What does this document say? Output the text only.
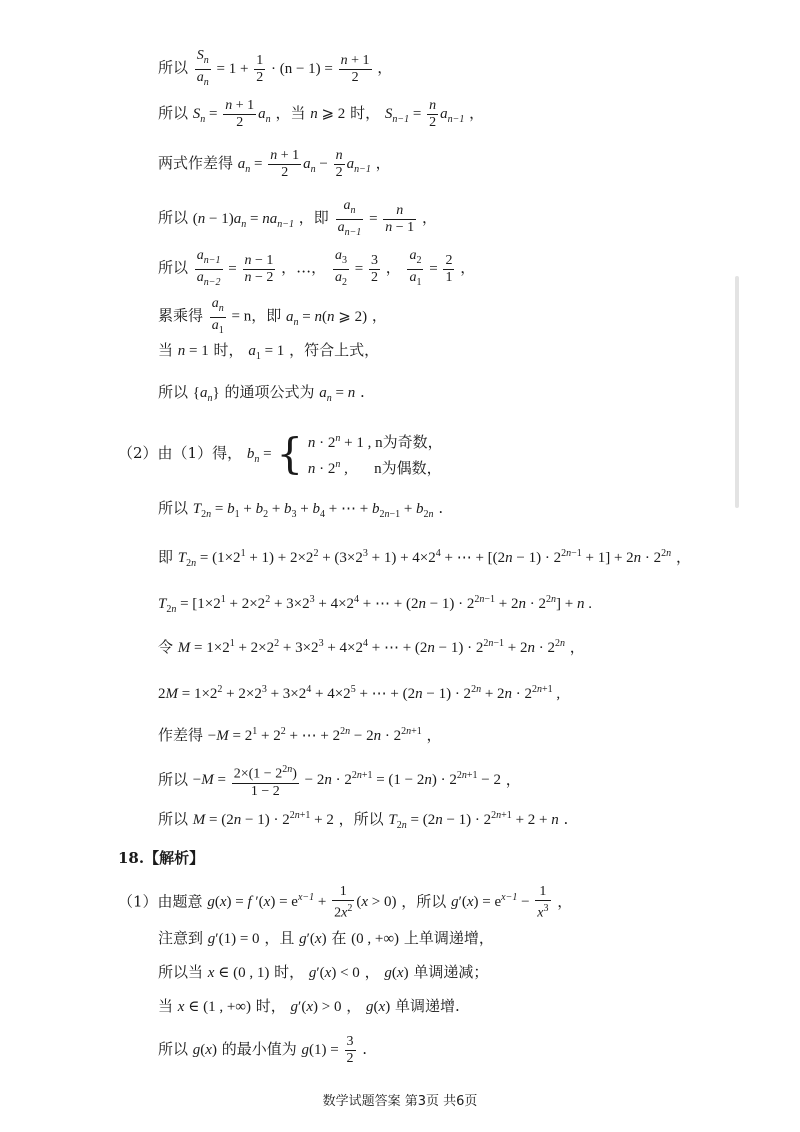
所以 $\frac{S_n}{a_n} = 1 + \frac{1}{2} \cdot (n - 1) = \frac{n + 1}{2}$ ，
所以 $S_n = \frac{n + 1}{2} a_n$ ，当 n ⩾ 2 时， $S_{n-1} = \frac{n}{2} a_{n-1}$ ，
两式作差得 $a_n = \frac{n + 1}{2} a_n - \frac{n}{2} a_{n-1}$ ，
所以 $(n - 1)a_n = na_{n-1}$ ，即 $\frac{a_n}{a_{n-1}} = \frac{n}{n - 1}$ ，
所以 $\frac{a_{n-1}}{a_{n-2}} = \frac{n - 1}{n - 2}$ ，…， $\frac{a_3}{a_2} = \frac{3}{2}$ ， $\frac{a_2}{a_1} = \frac{2}{1}$ ，
累乘得 $\frac{a_n}{a_1} = n$，即 $a_n = n(n$ ⩾ 2) ，
当 n = 1 时， $a_1 = 1$ ，符合上式，
所以 $\{a_n\}$ 的通项公式为 $a_n = n$ .
（2）由（1）得， $b_n$ = { $n \cdot 2^n + 1$ , n为奇数，
$n \cdot 2^n$ ,       n为偶数，
所以 $T_{2n} = b_1 + b_2 + b_3 + b_4$ + ⋯ + $b_{2n-1} + b_{2n}$ .
即 $T_{2n} = (1\times 2^1 + 1) + 2\times 2^2 + (3\times 2^3 + 1) + 4\times 2^4$ + ⋯ + $[(2n - 1) \cdot 2^{2n-1} + 1] + 2n \cdot 2^{2n}$ ，
$T_{2n} = [1\times 2^1 + 2\times 2^2 + 3\times 2^3 + 4\times 2^4$ + ⋯ + $(2n - 1) \cdot 2^{2n-1} + 2n \cdot 2^{2n}] + n$ .
令 $M = 1\times 2^1 + 2\times 2^2 + 3\times 2^3 + 4\times 2^4$ + ⋯ + $(2n - 1) \cdot 2^{2n-1} + 2n \cdot 2^{2n}$ ，
$2M = 1\times 2^2 + 2\times 2^3 + 3\times 2^4 + 4\times 2^5$ + ⋯ + $(2n - 1) \cdot 2^{2n} + 2n \cdot 2^{2n+1}$ ,
作差得 $-M = 2^1 + 2^2$ + ⋯ + $2^{2n} - 2n \cdot 2^{2n+1}$ ，
所以 $-M = \frac{2\times(1 - 2^{2n})}{1 - 2} - 2n \cdot 2^{2n+1} = (1 - 2n) \cdot 2^{2n+1} - 2$ ，
所以 $M = (2n - 1) \cdot 2^{2n+1} + 2$ ，所以 $T_{2n} = (2n - 1) \cdot 2^{2n+1} + 2 + n$ .
18.【解析】
（1）由题意 g(x) = f $'(x) = e^{x-1} + \frac{1}{2x^2} (x > 0)$ ，所以 $g'(x) = e^{x-1} - \frac{1}{x^3}$ ，
注意到 g′(1) = 0 ，且 g′(x) 在 (0 , +∞) 上单调递增，
所以当 x ∈ (0 , 1) 时， g′(x) < 0 ， g(x) 单调递减；
当 x ∈ (1 , +∞) 时， g′(x) > 0 ， g(x) 单调递增.
所以 g(x) 的最小值为 $g(1) = \frac{3}{2}$ .
数学试题答案 第3页 共6页
